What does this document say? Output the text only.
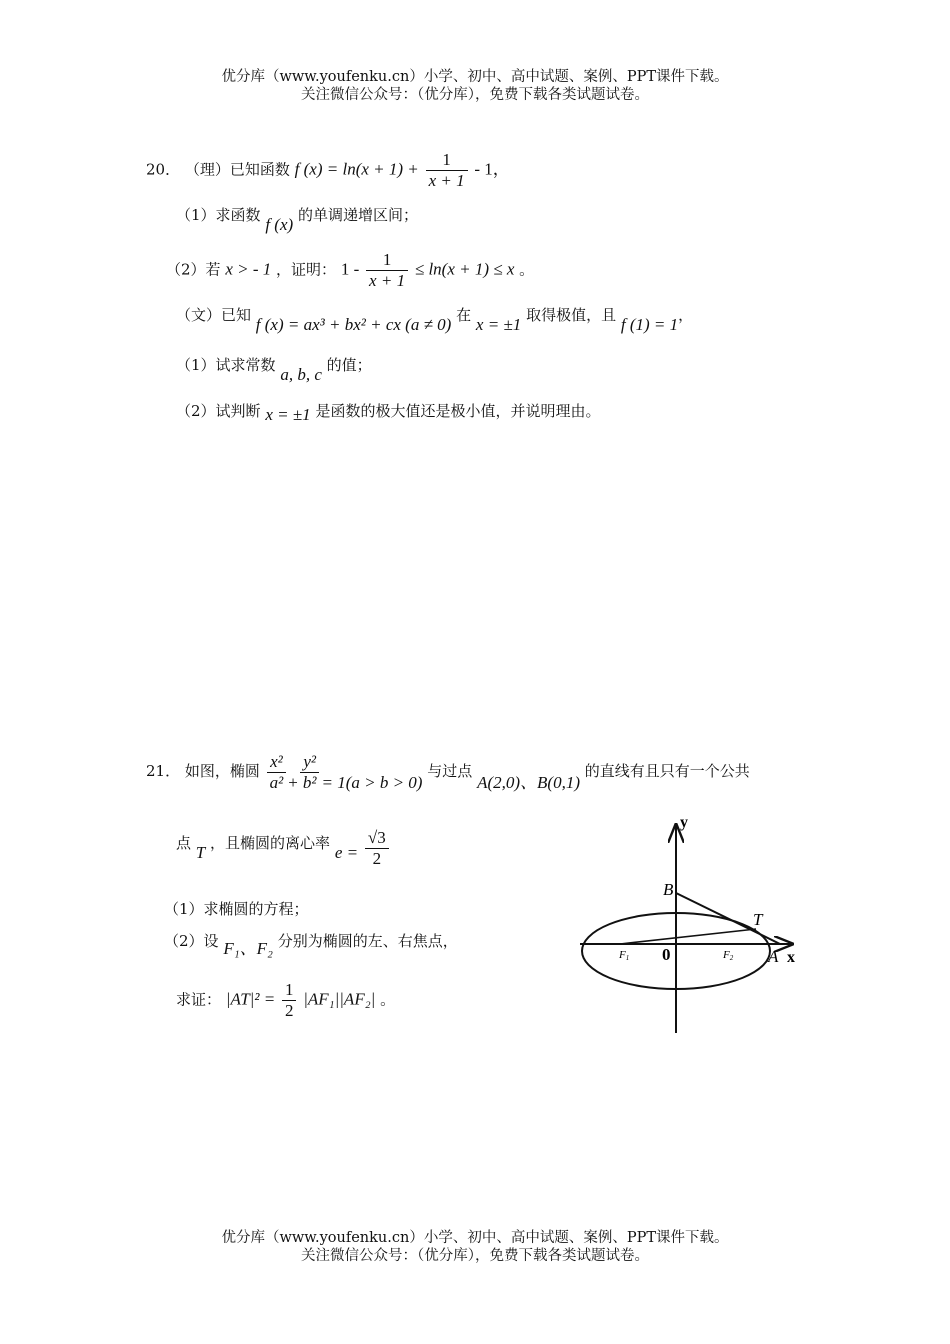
优分库（www.youfenku.cn）小学、初中、高中试题、案例、PPT课件下载。
关注微信公众号：（优分库），免费下载各类试题试卷。
20． （理）已知函数 f $(x) = \ln(x + 1) + \frac{1}{x + 1} - 1$，
（1）求函数 f (x) 的单调递增区间；
（2）若 x > - 1 ，证明： $1 - \frac{1}{x + 1} \le \ln(x + 1) \le x$ 。
（文）已知 f (x) = ax³ + bx² + cx (a ≠ 0) 在 x = ±1 取得极值，且 f (1) = 1，
（1）试求常数 a, b, c 的值；
（2）试判断 x = ±1 是函数的极大值还是极小值，并说明理由。
21． 如图，椭圆 $\frac{\text{x²}}{\text{a²}} + \frac{\text{y²}}{\text{b²}} = 1(a > b > 0)$ 与过点 A(2,0)、B(0,1) 的直线有且只有一个公共
点 T ，且椭圆的离心率 $e = \frac{√3}{2}$
（1）求椭圆的方程；
（2）设 F₁、F₂ 分别为椭圆的左、右焦点，
求证： $|AT|^2 = \frac{1}{2} |AF_1||AF_2|$ 。
y
x
0
B
T
A
F1	F2
优分库（www.youfenku.cn）小学、初中、高中试题、案例、PPT课件下载。
关注微信公众号：（优分库），免费下载各类试题试卷。
